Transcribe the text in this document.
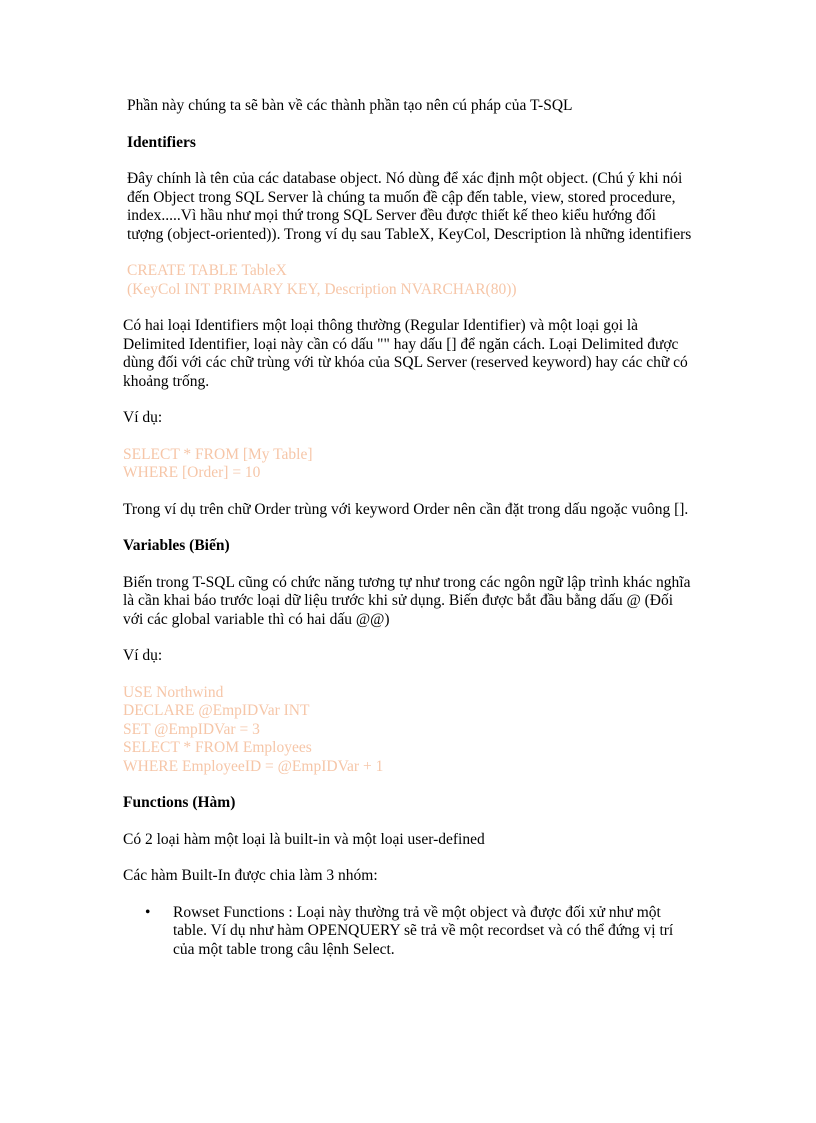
Phần này chúng ta sẽ bàn về các thành phần tạo nên cú pháp của T-SQL

Identifiers

Đây chính là tên của các database object. Nó dùng để xác định một object. (Chú ý khi nói đến Object trong SQL Server là chúng ta muốn đề cập đến table, view, stored procedure, index.....Vì hầu như mọi thứ trong SQL Server đều được thiết kế theo kiểu hướng đối tượng (object-oriented)). Trong ví dụ sau TableX, KeyCol, Description là những identifiers

CREATE TABLE TableX

(KeyCol INT PRIMARY KEY, Description NVARCHAR(80))

Có hai loại Identifiers một loại thông thường (Regular Identifier) và một loại gọi là Delimited Identifier, loại này cần có dấu "" hay dấu [] để ngăn cách. Loại Delimited được dùng đối với các chữ trùng với từ khóa của SQL Server (reserved keyword) hay các chữ có khoảng trống.

Ví dụ:

SELECT * FROM [My Table]

WHERE [Order] = 10

Trong ví dụ trên chữ Order trùng với keyword Order nên cần đặt trong dấu ngoặc vuông [].

Variables (Biến)

Biến trong T-SQL cũng có chức năng tương tự như trong các ngôn ngữ lập trình khác nghĩa là cần khai báo trước loại dữ liệu trước khi sử dụng. Biến được bắt đầu bằng dấu @ (Đối với các global variable thì có hai dấu @@)

Ví dụ:

USE Northwind

DECLARE @EmpIDVar INT

SET @EmpIDVar = 3

SELECT * FROM Employees

WHERE EmployeeID = @EmpIDVar + 1

Functions (Hàm)

Có 2 loại hàm một loại là built-in và một loại user-defined

Các hàm Built-In được chia làm 3 nhóm:

• Rowset Functions : Loại này thường trả về một object và được đối xử như một table. Ví dụ như hàm OPENQUERY sẽ trả về một recordset và có thể đứng vị trí của một table trong câu lệnh Select.
